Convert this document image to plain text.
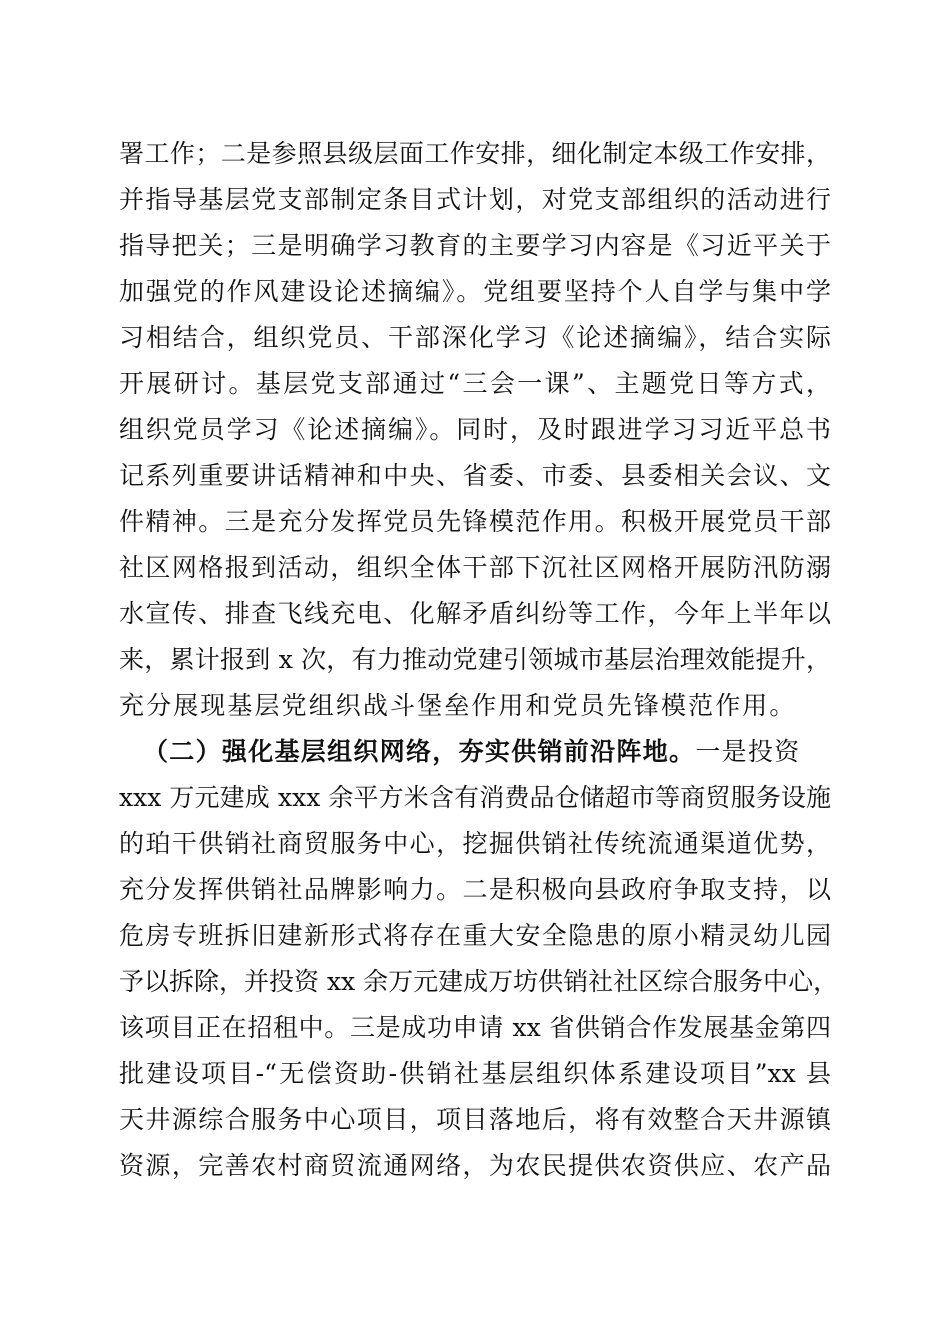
署工作；二是参照县级层面工作安排，细化制定本级工作安排，
并指导基层党支部制定条目式计划，对党支部组织的活动进行
指导把关；三是明确学习教育的主要学习内容是《习近平关于
加强党的作风建设论述摘编》。党组要坚持个人自学与集中学
习相结合，组织党员、干部深化学习《论述摘编》，结合实际
开展研讨。基层党支部通过“三会一课”、主题党日等方式，
组织党员学习《论述摘编》。同时，及时跟进学习习近平总书
记系列重要讲话精神和中央、省委、市委、县委相关会议、文
件精神。三是充分发挥党员先锋模范作用。积极开展党员干部
社区网格报到活动，组织全体干部下沉社区网格开展防汛防溺
水宣传、排查飞线充电、化解矛盾纠纷等工作，今年上半年以
来，累计报到 x 次，有力推动党建引领城市基层治理效能提升，
充分展现基层党组织战斗堡垒作用和党员先锋模范作用。
（二）强化基层组织网络，夯实供销前沿阵地。一是投资
xxx 万元建成 xxx 余平方米含有消费品仓储超市等商贸服务设施
的珀干供销社商贸服务中心，挖掘供销社传统流通渠道优势，
充分发挥供销社品牌影响力。二是积极向县政府争取支持，以
危房专班拆旧建新形式将存在重大安全隐患的原小精灵幼儿园
予以拆除，并投资 xx 余万元建成万坊供销社社区综合服务中心，
该项目正在招租中。三是成功申请 xx 省供销合作发展基金第四
批建设项目-“无偿资助-供销社基层组织体系建设项目”xx 县
天井源综合服务中心项目，项目落地后，将有效整合天井源镇
资源，完善农村商贸流通网络，为农民提供农资供应、农产品
